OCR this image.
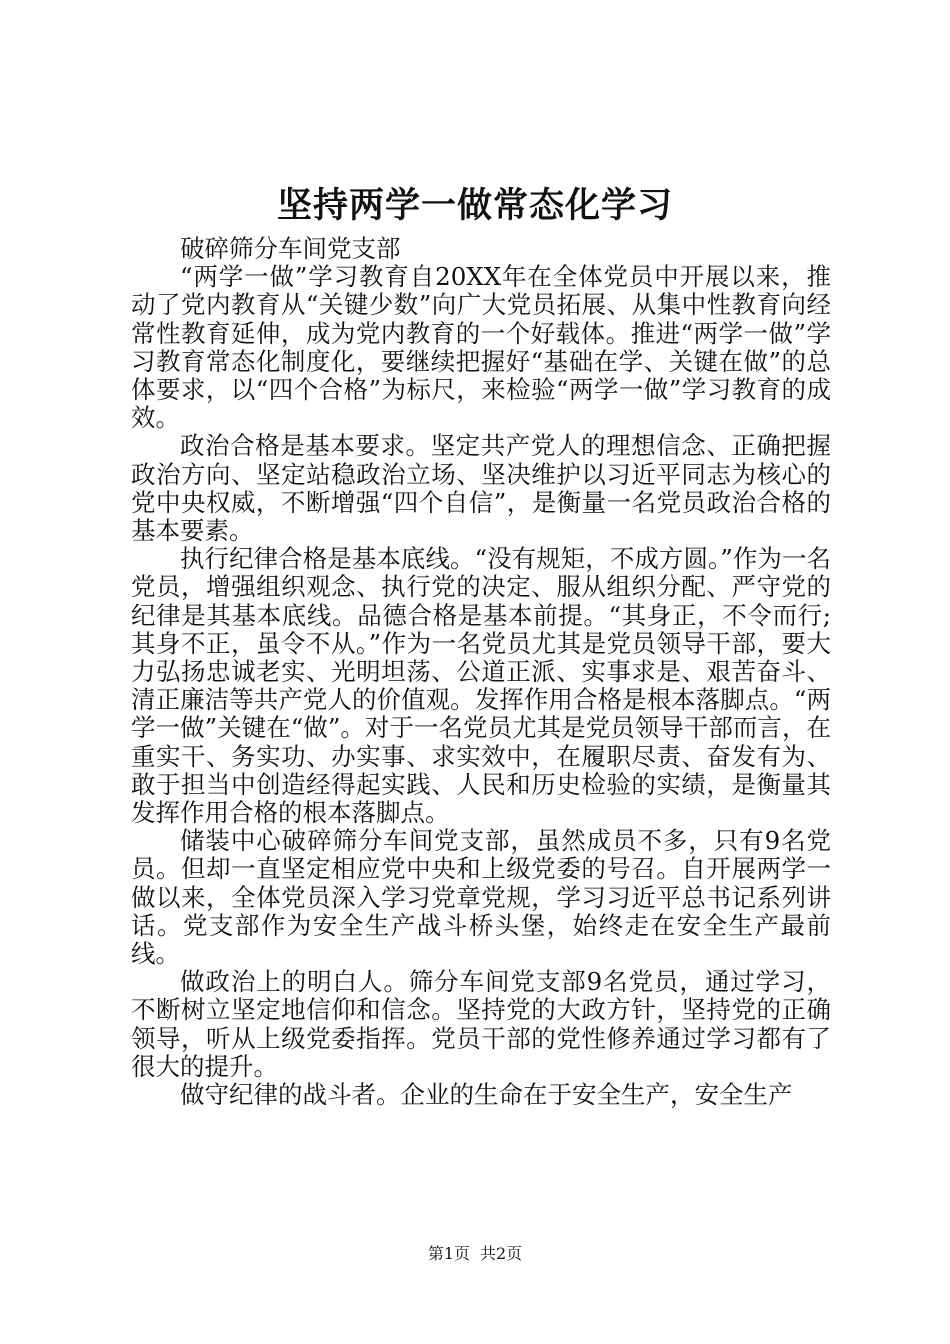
坚持两学一做常态化学习

破碎筛分车间党支部

“两学一做”学习教育自20XX年在全体党员中开展以来，推动了党内教育从“关键少数”向广大党员拓展、从集中性教育向经常性教育延伸，成为党内教育的一个好载体。推进“两学一做”学习教育常态化制度化，要继续把握好“基础在学、关键在做”的总体要求，以“四个合格”为标尺，来检验“两学一做”学习教育的成效。

政治合格是基本要求。坚定共产党人的理想信念、正确把握政治方向、坚定站稳政治立场、坚决维护以习近平同志为核心的党中央权威，不断增强“四个自信”，是衡量一名党员政治合格的基本要素。

执行纪律合格是基本底线。“没有规矩，不成方圆。”作为一名党员，增强组织观念、执行党的决定、服从组织分配、严守党的纪律是其基本底线。品德合格是基本前提。“其身正，不令而行;其身不正，虽令不从。”作为一名党员尤其是党员领导干部，要大力弘扬忠诚老实、光明坦荡、公道正派、实事求是、艰苦奋斗、清正廉洁等共产党人的价值观。发挥作用合格是根本落脚点。“两学一做”关键在“做”。对于一名党员尤其是党员领导干部而言，在重实干、务实功、办实事、求实效中，在履职尽责、奋发有为、敢于担当中创造经得起实践、人民和历史检验的实绩，是衡量其发挥作用合格的根本落脚点。

储装中心破碎筛分车间党支部，虽然成员不多，只有9名党员。但却一直坚定相应党中央和上级党委的号召。自开展两学一做以来，全体党员深入学习党章党规，学习习近平总书记系列讲话。党支部作为安全生产战斗桥头堡，始终走在安全生产最前线。

做政治上的明白人。筛分车间党支部9名党员，通过学习，不断树立坚定地信仰和信念。坚持党的大政方针，坚持党的正确领导，听从上级党委指挥。党员干部的党性修养通过学习都有了很大的提升。

做守纪律的战斗者。企业的生命在于安全生产，安全生产

第1页 共2页
